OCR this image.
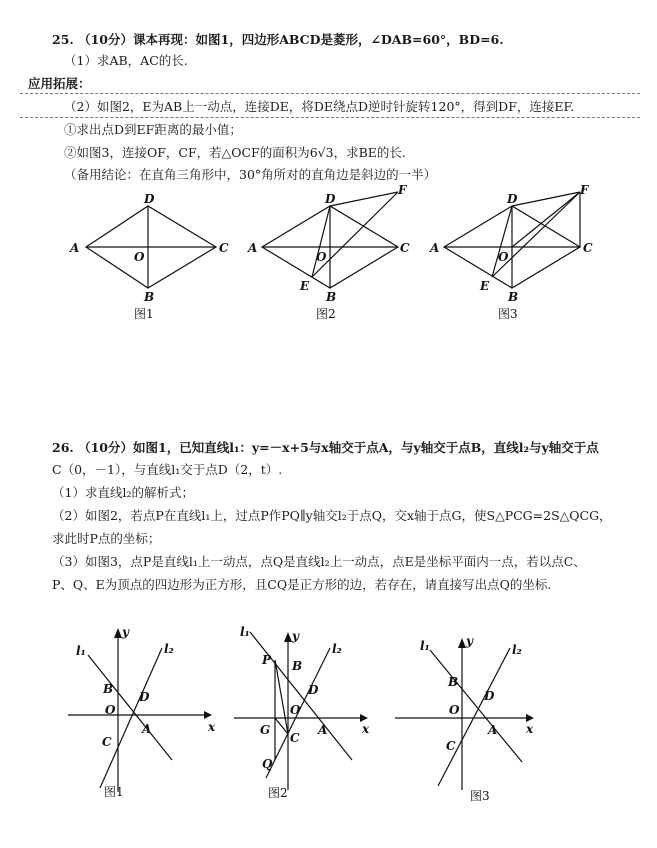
25. （10分）课本再现：如图1，四边形ABCD是菱形，∠DAB=60°，BD=6.
（1）求AB，AC的长.
应用拓展：
（2）如图2，E为AB上一动点，连接DE，将DE绕点D逆时针旋转120°，得到DF，连接EF.
①求出点D到EF距离的最小值；
②如图3，连接OF，CF，若△OCF的面积为6√3，求BE的长.
（备用结论：在直角三角形中，30°角所对的直角边是斜边的一半）
A
D
C
B
O
图1
A
D
C
B
O
E
F
图2
A
D
C
B
O
E
F
图3
26. （10分）如图1，已知直线l₁：y=－x+5与x轴交于点A，与y轴交于点B，直线l₂与y轴交于点
C（0，－1），与直线l₁交于点D（2，t）.
（1）求直线l₂的解析式；
（2）如图2，若点P在直线l₁上，过点P作PQ∥y轴交l₂于点Q，交x轴于点G，使S△PCG=2S△QCG，
求此时P点的坐标；
（3）如图3，点P是直线l₁上一动点，点Q是直线l₂上一动点，点E是坐标平面内一点，若以点C、
P、Q、E为顶点的四边形为正方形，且CQ是正方形的边，若存在，请直接写出点Q的坐标.
l₁	l₂
y
x
B
D
O
C
A
图1
l₁
l₂
y
x
P B
D
O
G
C
A
Q
图2
l₁	l₂
y
x
B
D
O
C
A
图3
